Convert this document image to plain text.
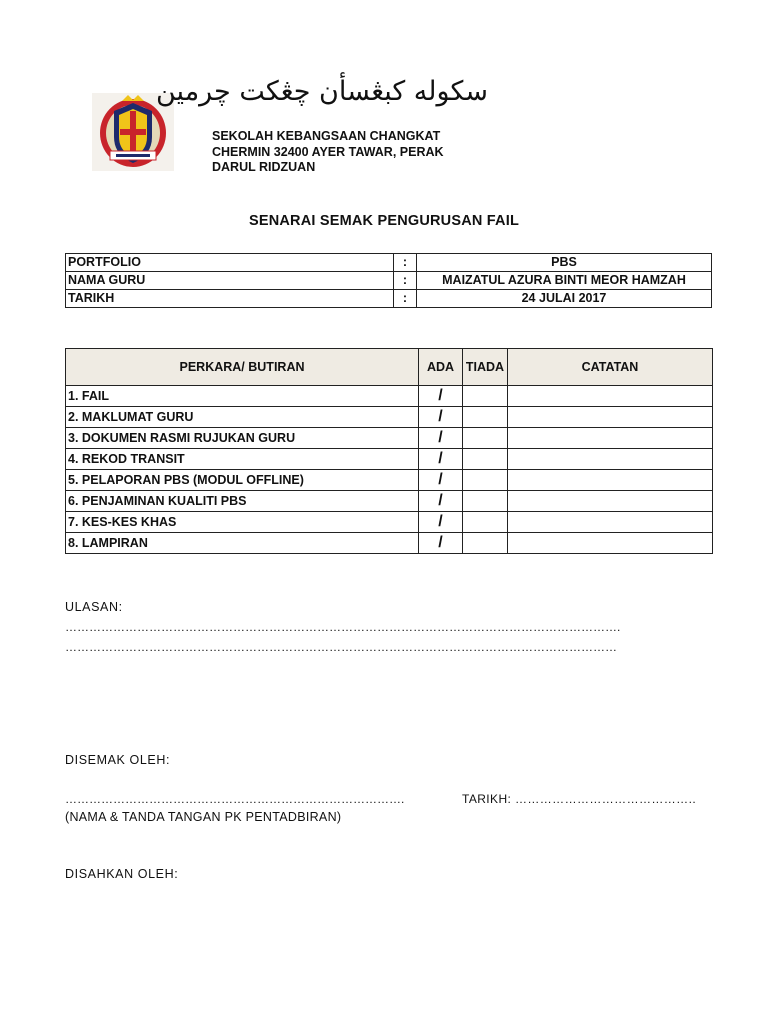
سکوله کبڠسأن چڠکت چرمين
SEKOLAH KEBANGSAAN CHANGKAT
CHERMIN 32400 AYER TAWAR, PERAK
DARUL RIDZUAN
SENARAI SEMAK PENGURUSAN FAIL
PORTFOLIO	:	PBS
NAMA GURU	:	MAIZATUL AZURA BINTI MEOR HAMZAH
TARIKH	:	24 JULAI 2017
PERKARA/ BUTIRAN	ADA	TIADA	CATATAN
1. FAIL	/		
2. MAKLUMAT GURU	/		
3. DOKUMEN RASMI RUJUKAN GURU	/		
4. REKOD TRANSIT	/		
5. PELAPORAN PBS (MODUL OFFLINE)	/		
6. PENJAMINAN KUALITI PBS	/		
7. KES-KES KHAS	/		
8. LAMPIRAN	/		
ULASAN:
………………………………………………………………………………………………………………………….
…………………………………………………………………………………………………………………………
DISEMAK OLEH:
………………………………………………………………………….
(NAMA & TANDA TANGAN PK PENTADBIRAN)
TARIKH: ……………………………………..
DISAHKAN OLEH:
